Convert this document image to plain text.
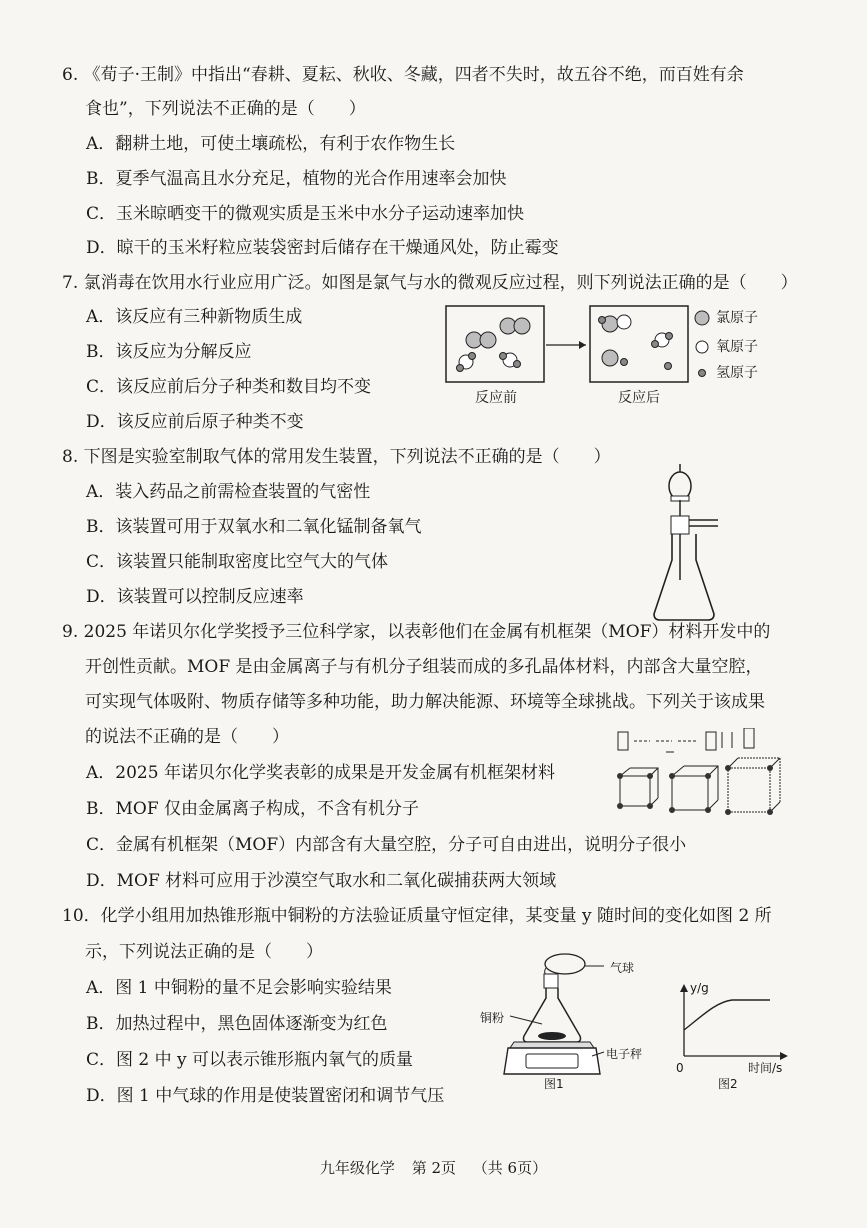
6. 《荀子·王制》中指出“春耕、夏耘、秋收、冬藏，四者不失时，故五谷不绝，而百姓有余
食也”，下列说法不正确的是（　　）
A．翻耕土地，可使土壤疏松，有利于农作物生长
B．夏季气温高且水分充足，植物的光合作用速率会加快
C．玉米晾晒变干的微观实质是玉米中水分子运动速率加快
D．晾干的玉米籽粒应装袋密封后储存在干燥通风处，防止霉变
7. 氯消毒在饮用水行业应用广泛。如图是氯气与水的微观反应过程，则下列说法正确的是（　　）
A．该反应有三种新物质生成
B．该反应为分解反应
C．该反应前后分子种类和数目均不变
D．该反应前后原子种类不变
反应前	反应后
氯原子
氧原子
氢原子
8. 下图是实验室制取气体的常用发生装置，下列说法不正确的是（　　）
A．装入药品之前需检查装置的气密性
B．该装置可用于双氧水和二氧化锰制备氧气
C．该装置只能制取密度比空气大的气体
D．该装置可以控制反应速率
9. 2025 年诺贝尔化学奖授予三位科学家，以表彰他们在金属有机框架（MOF）材料开发中的
开创性贡献。MOF 是由金属离子与有机分子组装而成的多孔晶体材料，内部含大量空腔，
可实现气体吸附、物质存储等多种功能，助力解决能源、环境等全球挑战。下列关于该成果
的说法不正确的是（　　）
A．2025 年诺贝尔化学奖表彰的成果是开发金属有机框架材料
B．MOF 仅由金属离子构成，不含有机分子
C．金属有机框架（MOF）内部含有大量空腔，分子可自由进出，说明分子很小
D．MOF 材料可应用于沙漠空气取水和二氧化碳捕获两大领域
10．化学小组用加热锥形瓶中铜粉的方法验证质量守恒定律，某变量 y 随时间的变化如图 2 所
示，下列说法正确的是（　　）
A．图 1 中铜粉的量不足会影响实验结果
B．加热过程中，黑色固体逐渐变为红色
C．图 2 中 y 可以表示锥形瓶内氧气的质量
D．图 1 中气球的作用是使装置密闭和调节气压
气球
铜粉
电子秤
图1
y/g
时间/s
0
图2
九年级化学 第 2页 （共 6页）
